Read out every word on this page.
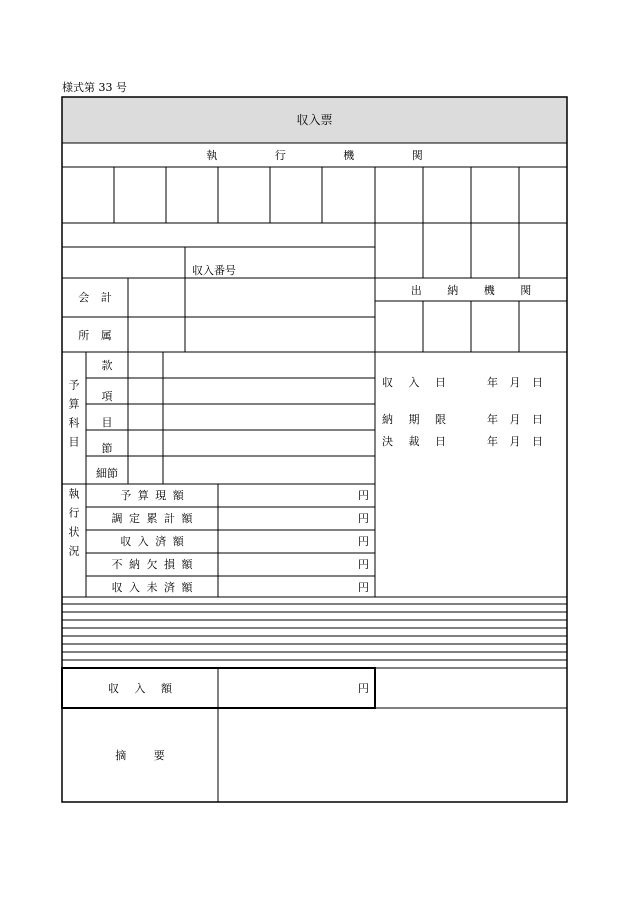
様式第 33 号
収入票
執 行 機 関
収入番号
会 計
所 属
出 納 機 関
予算科目
款
項
目
節
細節
収 入 日	年 月 日
納 期 限	年 月 日
決 裁 日	年 月 日
執行状況	予 算 現 額	円
調 定 累 計 額	円
収 入 済 額	円
不 納 欠 損 額	円
収 入 未 済 額	円
収 入 額	円
摘 要
